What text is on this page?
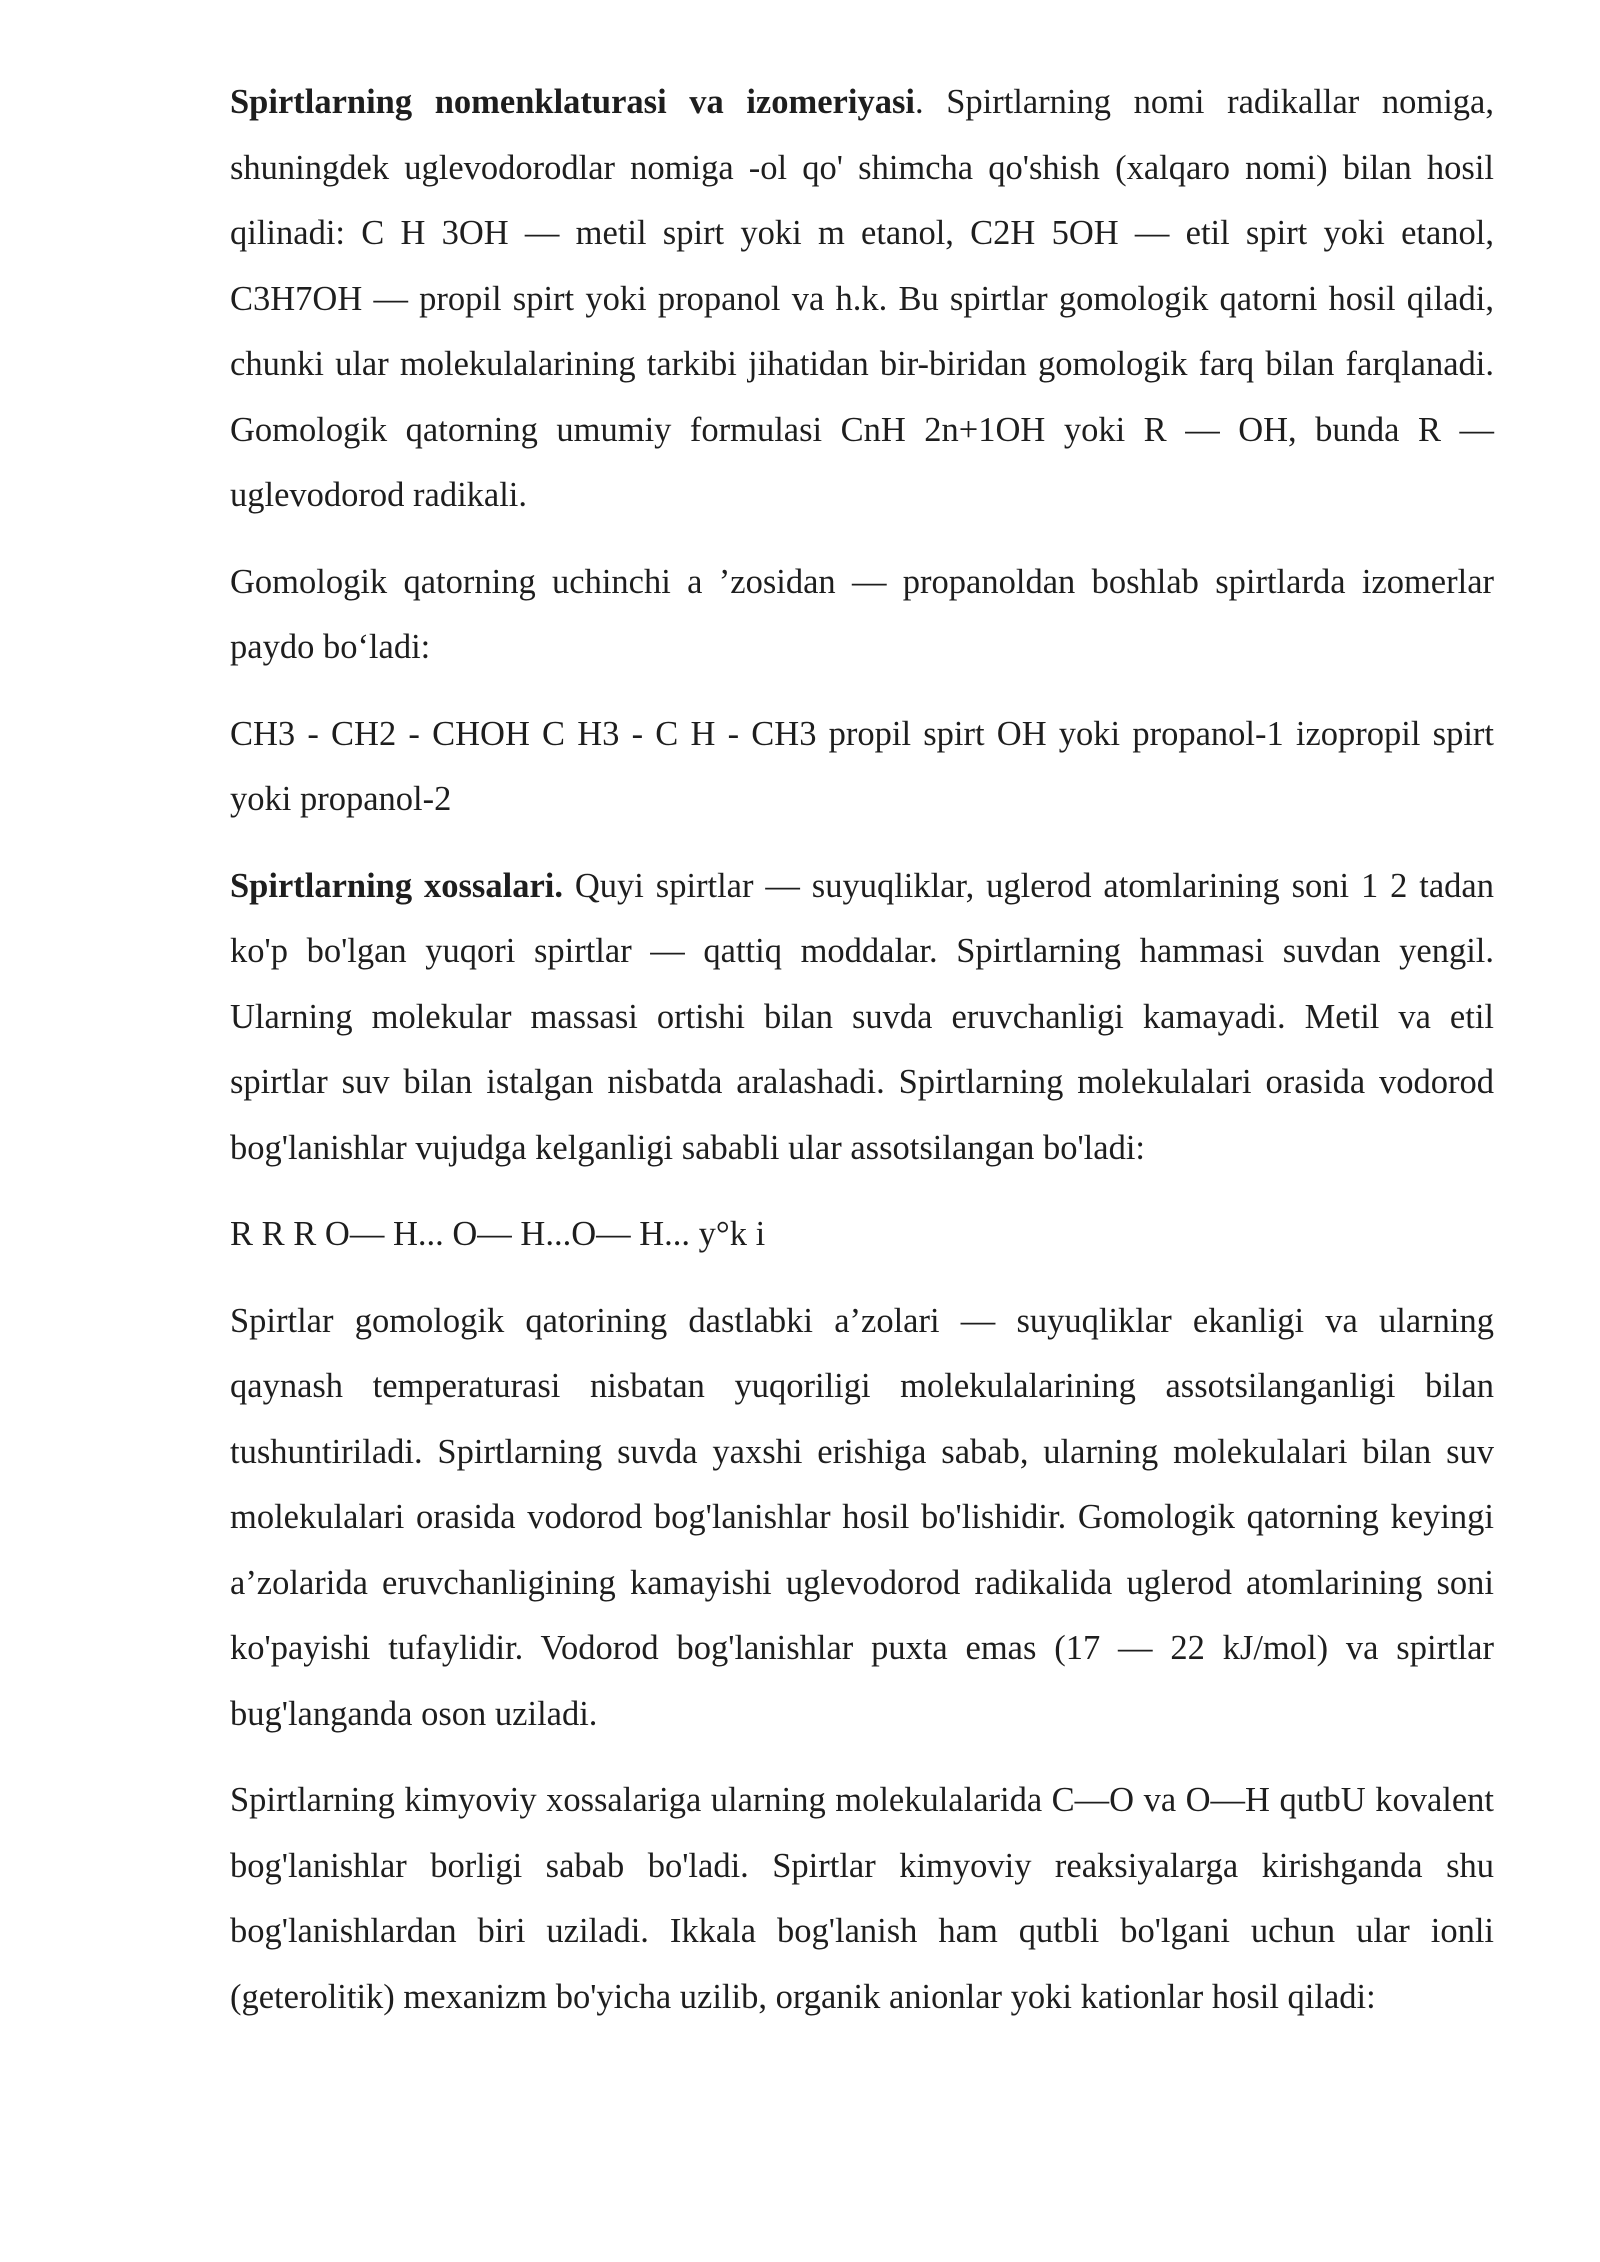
Spirtlarning nomenklaturasi va izomeriyasi. Spirtlarning nomi radikallar nomiga, shuningdek uglevodorodlar nomiga -ol qo' shimcha qo'shish (xalqaro nomi) bilan hosil qilinadi: C H 3OH — metil spirt yoki m etanol, C2H 5OH — etil spirt yoki etanol, C3H7OH — propil spirt yoki propanol va h.k. Bu spirtlar gomologik qatorni hosil qiladi, chunki ular molekulalarining tarkibi jihatidan bir-biridan gomologik farq bilan farqlanadi. Gomologik qatorning umumiy formulasi CnH 2n+1OH yoki R — OH, bunda R — uglevodorod radikali.

Gomologik qatorning uchinchi a ’zosidan — propanoldan boshlab spirtlarda izomerlar paydo bo‘ladi:

CH3 - CH2 - CHOH C H3 - C H - CH3 propil spirt OH yoki propanol-1 izopropil spirt yoki propanol-2

Spirtlarning xossalari. Quyi spirtlar — suyuqliklar, uglerod atomlarining soni 1 2 tadan ko'p bo'lgan yuqori spirtlar — qattiq moddalar. Spirtlarning hammasi suvdan yengil. Ularning molekular massasi ortishi bilan suvda eruvchanligi kamayadi. Metil va etil spirtlar suv bilan istalgan nisbatda aralashadi. Spirtlarning molekulalari orasida vodorod bog'lanishlar vujudga kelganligi sababli ular assotsilangan bo'ladi:

R R R O— H... O— H...O— H... y°k i

Spirtlar gomologik qatorining dastlabki a’zolari — suyuqliklar ekanligi va ularning qaynash temperaturasi nisbatan yuqoriligi molekulalarining assotsilanganligi bilan tushuntiriladi. Spirtlarning suvda yaxshi erishiga sabab, ularning molekulalari bilan suv molekulalari orasida vodorod bog'lanishlar hosil bo'lishidir. Gomologik qatorning keyingi a’zolarida eruvchanligining kamayishi uglevodorod radikalida uglerod atomlarining soni ko'payishi tufaylidir. Vodorod bog'lanishlar puxta emas (17 — 22 kJ/mol) va spirtlar bug'langanda oson uziladi.

Spirtlarning kimyoviy xossalariga ularning molekulalarida C—O va O—H qutbU kovalent bog'lanishlar borligi sabab bo'ladi. Spirtlar kimyoviy reaksiyalarga kirishganda shu bog'lanishlardan biri uziladi. Ikkala bog'lanish ham qutbli bo'lgani uchun ular ionli (geterolitik) mexanizm bo'yicha uzilib, organik anionlar yoki kationlar hosil qiladi:
